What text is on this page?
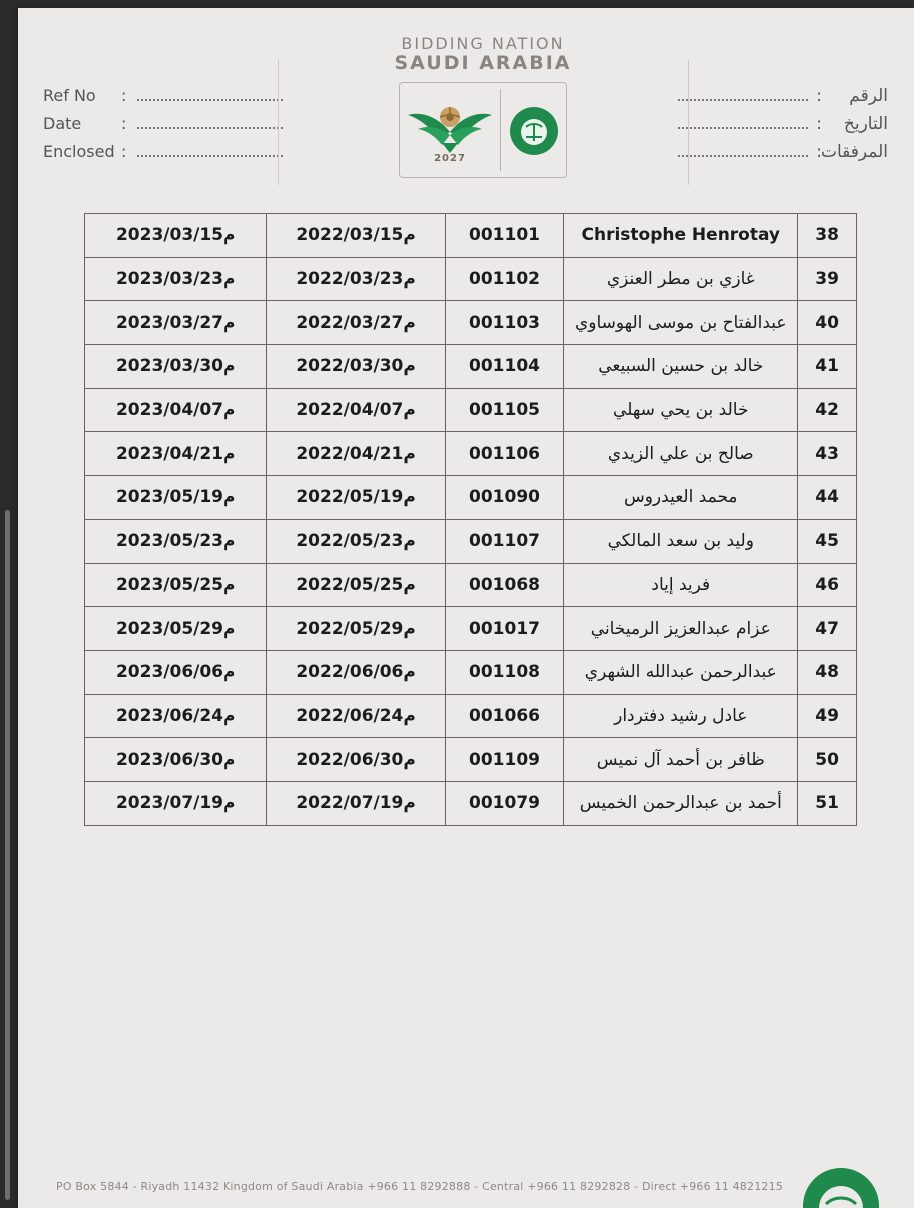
Ref No	:
Date	:
Enclosed :
BIDDING NATION
SAUDI ARABIA
2027
الرقم
:
التاريخ
:
المرفقات
:
38	Christophe Henrotay	001101	2022/03/15م	2023/03/15م
39	غازي بن مطر العنزي	001102	2022/03/23م	2023/03/23م
40	عبدالفتاح بن موسى الهوساوي	001103	2022/03/27م	2023/03/27م
41	خالد بن حسين السبيعي	001104	2022/03/30م	2023/03/30م
42	خالد بن يحي سهلي	001105	2022/04/07م	2023/04/07م
43	صالح بن علي الزيدي	001106	2022/04/21م	2023/04/21م
44	محمد العيدروس	001090	2022/05/19م	2023/05/19م
45	وليد بن سعد المالكي	001107	2022/05/23م	2023/05/23م
46	فريد إياد	001068	2022/05/25م	2023/05/25م
47	عزام عبدالعزيز الرميخاني	001017	2022/05/29م	2023/05/29م
48	عبدالرحمن عبدالله الشهري	001108	2022/06/06م	2023/06/06م
49	عادل رشيد دفتردار	001066	2022/06/24م	2023/06/24م
50	ظافر بن أحمد آل نميس	001109	2022/06/30م	2023/06/30م
51	أحمد بن عبدالرحمن الخميس	001079	2022/07/19م	2023/07/19م
PO Box 5844 - Riyadh 11432 Kingdom of Saudi Arabia +966 11 8292888 - Central +966 11 8292828 - Direct +966 11 4821215
